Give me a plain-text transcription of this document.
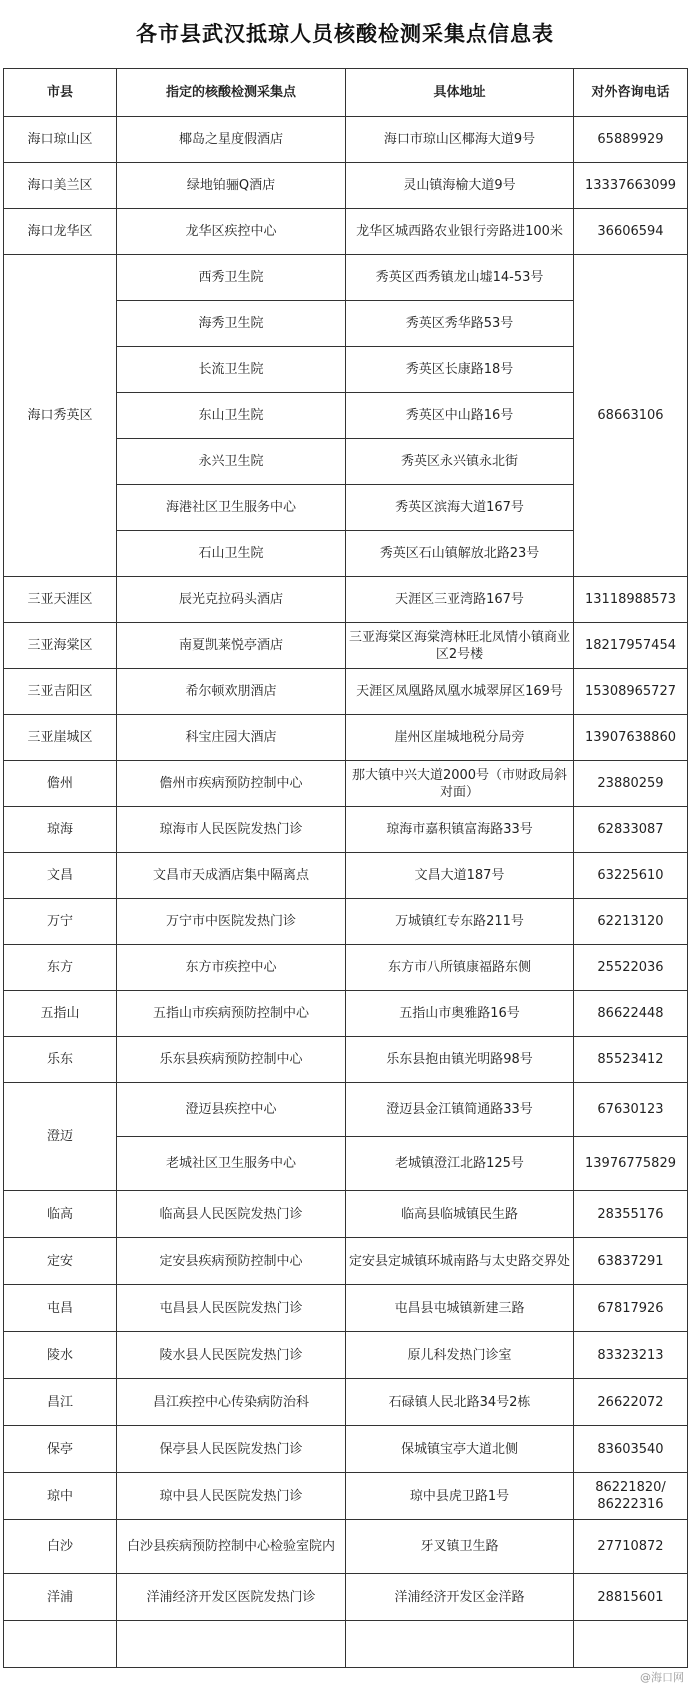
各市县武汉抵琼人员核酸检测采集点信息表
市县	指定的核酸检测采集点	具体地址	对外咨询电话
海口琼山区	椰岛之星度假酒店	海口市琼山区椰海大道9号	65889929
海口美兰区	绿地铂骊Q酒店	灵山镇海榆大道9号	13337663099
海口龙华区	龙华区疾控中心	龙华区城西路农业银行旁路进100米	36606594
海口秀英区	西秀卫生院	秀英区西秀镇龙山墟14-53号	68663106
	海秀卫生院	秀英区秀华路53号	
	长流卫生院	秀英区长康路18号	
	东山卫生院	秀英区中山路16号	
	永兴卫生院	秀英区永兴镇永北街	
	海港社区卫生服务中心	秀英区滨海大道167号	
	石山卫生院	秀英区石山镇解放北路23号	
三亚天涯区	辰光克拉码头酒店	天涯区三亚湾路167号	13118988573
三亚海棠区	南夏凯莱悦亭酒店	三亚海棠区海棠湾林旺北凤情小镇商业区2号楼	18217957454
三亚吉阳区	希尔顿欢朋酒店	天涯区凤凰路凤凰水城翠屏区169号	15308965727
三亚崖城区	科宝庄园大酒店	崖州区崖城地税分局旁	13907638860
儋州	儋州市疾病预防控制中心	那大镇中兴大道2000号（市财政局斜对面）	23880259
琼海	琼海市人民医院发热门诊	琼海市嘉积镇富海路33号	62833087
文昌	文昌市天成酒店集中隔离点	文昌大道187号	63225610
万宁	万宁市中医院发热门诊	万城镇红专东路211号	62213120
东方	东方市疾控中心	东方市八所镇康福路东侧	25522036
五指山	五指山市疾病预防控制中心	五指山市奥雅路16号	86622448
乐东	乐东县疾病预防控制中心	乐东县抱由镇光明路98号	85523412
澄迈	澄迈县疾控中心	澄迈县金江镇简通路33号	67630123
	老城社区卫生服务中心	老城镇澄江北路125号	13976775829
临高	临高县人民医院发热门诊	临高县临城镇民生路	28355176
定安	定安县疾病预防控制中心	定安县定城镇环城南路与太史路交界处	63837291
屯昌	屯昌县人民医院发热门诊	屯昌县屯城镇新建三路	67817926
陵水	陵水县人民医院发热门诊	原儿科发热门诊室	83323213
昌江	昌江疾控中心传染病防治科	石碌镇人民北路34号2栋	26622072
保亭	保亭县人民医院发热门诊	保城镇宝亭大道北侧	83603540
琼中	琼中县人民医院发热门诊	琼中县虎卫路1号	86221820/ 86222316
白沙	白沙县疾病预防控制中心检验室院内	牙叉镇卫生路	27710872
洋浦	洋浦经济开发区医院发热门诊	洋浦经济开发区金洋路	28815601

@海口网
